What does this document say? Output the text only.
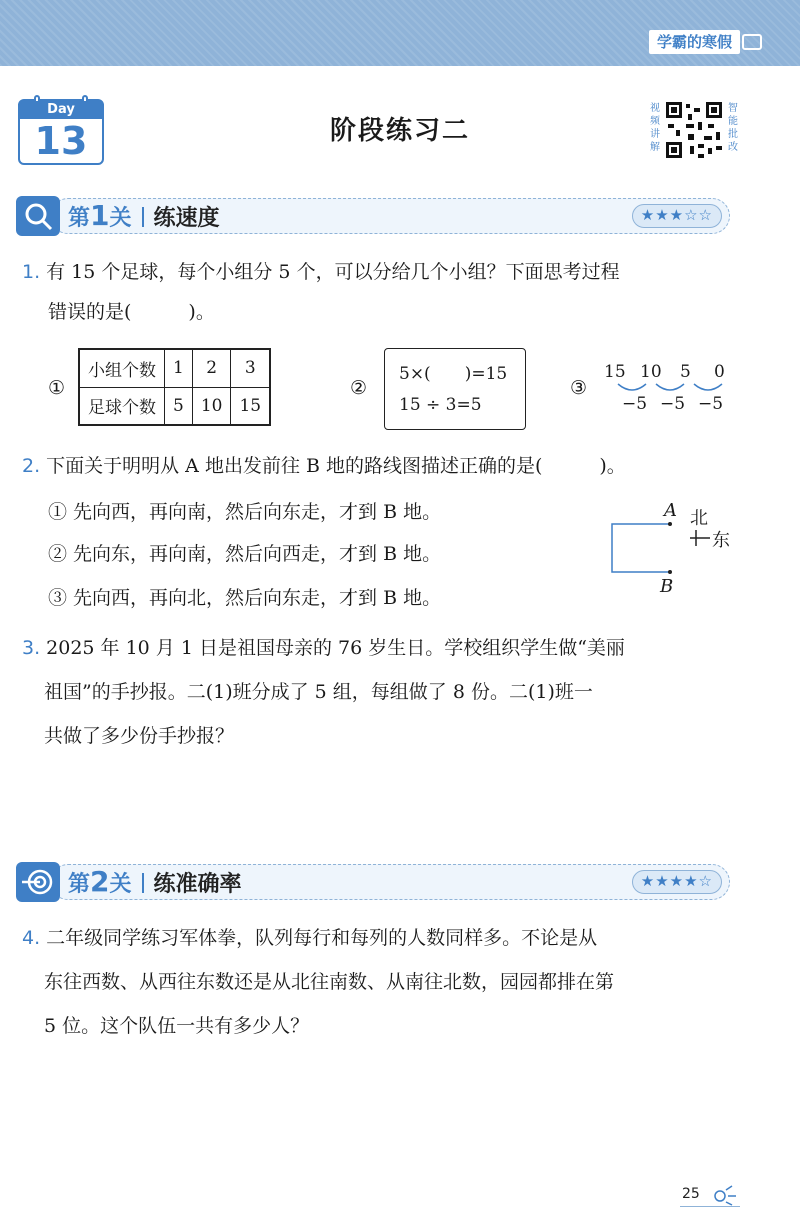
学霸的寒假
Day
13	阶段练习二
视频讲解
智能批改
第1关 练速度	★★★☆☆
1. 有 15 个足球，每个小组分 5 个，可以分给几个小组？下面思考过程
错误的是(　　　)。
①
小组个数	1	2	3
足球个数	5	10	15
②
5×(　　)=15
15 ÷ 3=5
③
15 10 5 0
−5 −5 −5
2. 下面关于明明从 A 地出发前往 B 地的路线图描述正确的是(　　　)。
① 先向西，再向南，然后向东走，才到 B 地。
② 先向东，再向南，然后向西走，才到 B 地。
③ 先向西，再向北，然后向东走，才到 B 地。
A
B
北
东
3. 2025 年 10 月 1 日是祖国母亲的 76 岁生日。学校组织学生做“美丽
祖国”的手抄报。二(1)班分成了 5 组，每组做了 8 份。二(1)班一
共做了多少份手抄报？
第2关 练准确率	★★★★☆
4. 二年级同学练习军体拳，队列每行和每列的人数同样多。不论是从
东往西数、从西往东数还是从北往南数、从南往北数，园园都排在第
5 位。这个队伍一共有多少人？
25
